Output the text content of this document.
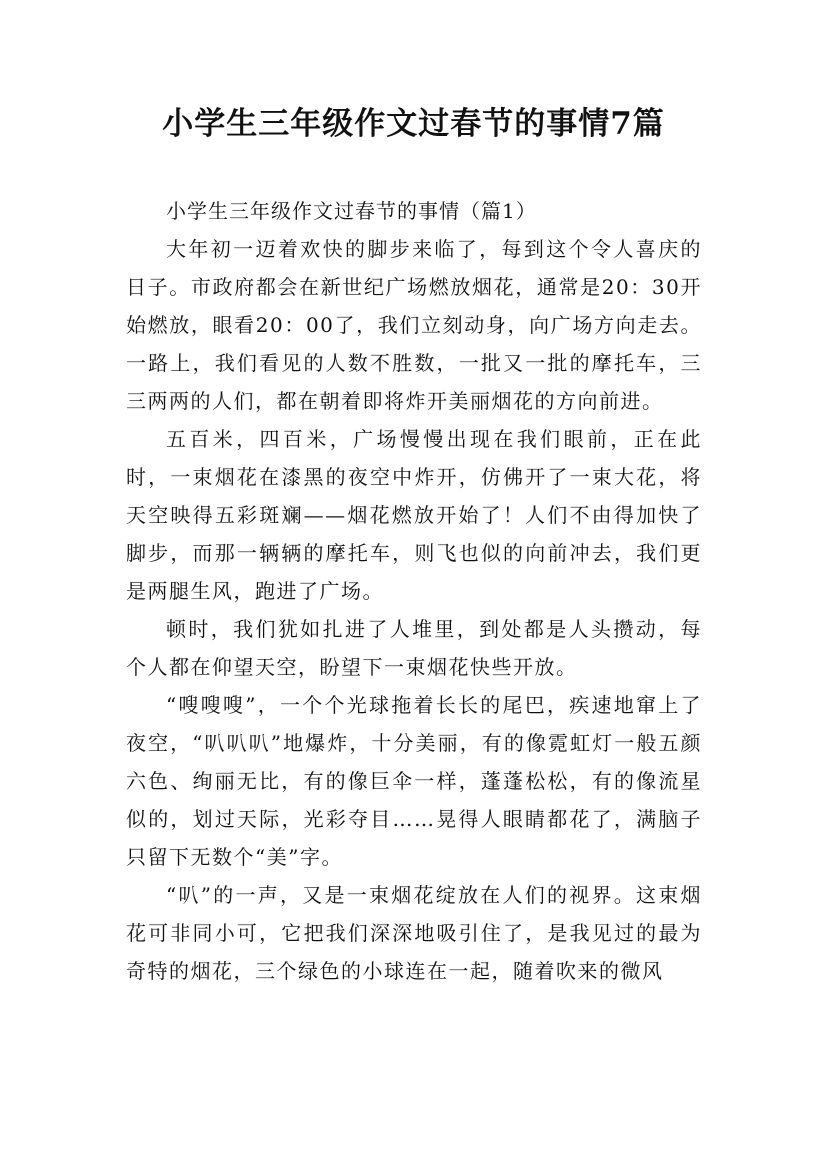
小学生三年级作文过春节的事情7篇

小学生三年级作文过春节的事情（篇1）

大年初一迈着欢快的脚步来临了，每到这个令人喜庆的日子。市政府都会在新世纪广场燃放烟花，通常是20：30开始燃放，眼看20：00了，我们立刻动身，向广场方向走去。 一路上，我们看见的人数不胜数，一批又一批的摩托车，三三两两的人们，都在朝着即将炸开美丽烟花的方向前进。

五百米，四百米，广场慢慢出现在我们眼前，正在此时，一束烟花在漆黑的夜空中炸开，仿佛开了一束大花，将天空映得五彩斑斓——烟花燃放开始了！人们不由得加快了脚步，而那一辆辆的摩托车，则飞也似的向前冲去，我们更是两腿生风，跑进了广场。

顿时，我们犹如扎进了人堆里，到处都是人头攒动，每个人都在仰望天空，盼望下一束烟花快些开放。

“嗖嗖嗖”，一个个光球拖着长长的尾巴，疾速地窜上了夜空，“叭叭叭”地爆炸，十分美丽，有的像霓虹灯一般五颜六色、绚丽无比，有的像巨伞一样，蓬蓬松松，有的像流星似的，划过天际，光彩夺目……晃得人眼睛都花了，满脑子只留下无数个“美”字。

“叭”的一声，又是一束烟花绽放在人们的视界。这束烟花可非同小可，它把我们深深地吸引住了，是我见过的最为奇特的烟花，三个绿色的小球连在一起，随着吹来的微风
